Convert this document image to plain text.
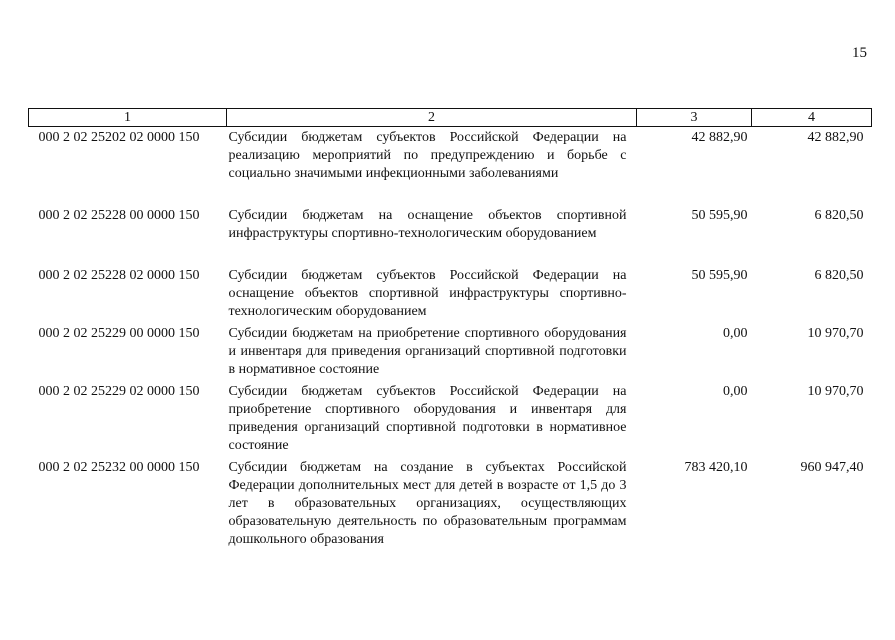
15
1	2	3	4
000 2 02 25202 02 0000 150	Субсидии бюджетам субъектов Российской Федерации на реализацию мероприятий по предупреждению и борьбе с социально значимыми инфекционными заболеваниями	42 882,90	42 882,90
000 2 02 25228 00 0000 150	Субсидии бюджетам на оснащение объектов спортивной инфраструктуры спортивно-технологическим оборудованием	50 595,90	6 820,50
000 2 02 25228 02 0000 150	Субсидии бюджетам субъектов Российской Федерации на оснащение объектов спортивной инфраструктуры спортивно-технологическим оборудованием	50 595,90	6 820,50
000 2 02 25229 00 0000 150	Субсидии бюджетам на приобретение спортивного оборудования и инвентаря для приведения организаций спортивной подготовки в нормативное состояние	0,00	10 970,70
000 2 02 25229 02 0000 150	Субсидии бюджетам субъектов Российской Федерации на приобретение спортивного оборудования и инвентаря для приведения организаций спортивной подготовки в нормативное состояние	0,00	10 970,70
000 2 02 25232 00 0000 150	Субсидии бюджетам на создание в субъектах Российской Федерации дополнительных мест для детей в возрасте от 1,5 до 3 лет в образовательных организациях, осуществляющих образовательную деятельность по образовательным программам дошкольного образования	783 420,10	960 947,40
